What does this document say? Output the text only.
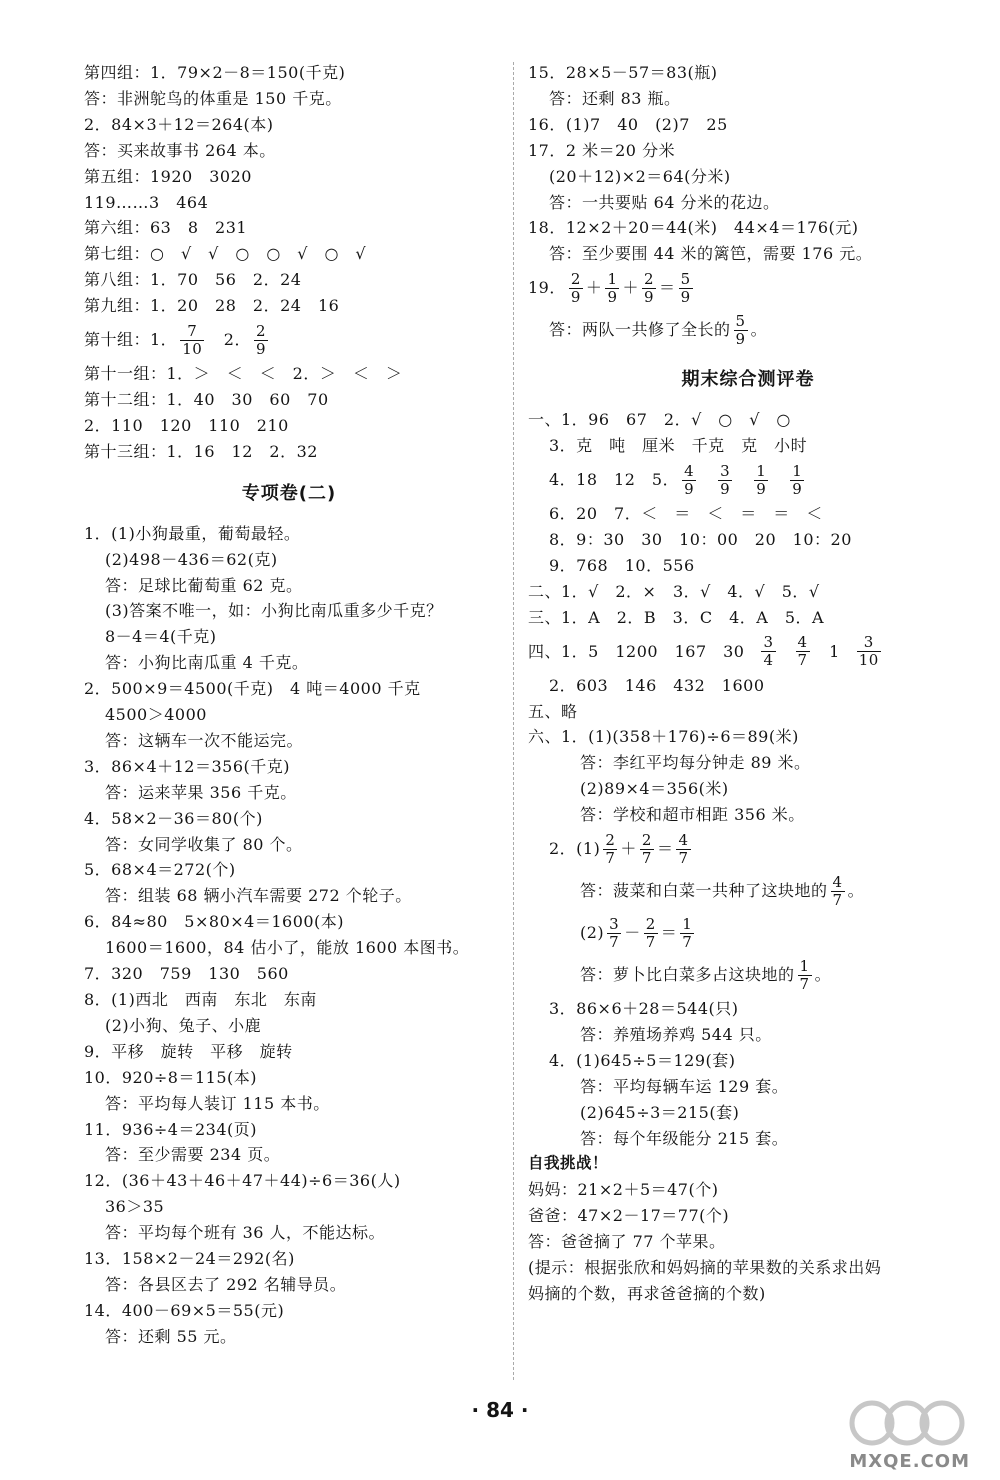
第四组：1．79×2－8＝150(千克)
答：非洲鸵鸟的体重是 150 千克。
2．84×3＋12＝264(本)
答：买来故事书 264 本。
第五组：1920　3020
119……3　464
第六组：63　8　231
第七组：○　√　√　○　○　√　○　√
第八组：1．70　56　2．24
第九组：1．20　28　2．24　16
第十组：1． $\frac{7}{10}$ 　2． $\frac{2}{9}$
第十一组：1．＞　＜　＜　2．＞　＜　＞
第十二组：1．40　30　60　70
2．110　120　110　210
第十三组：1．16　12　2．32
专项卷(二)
1．(1)小狗最重，葡萄最轻。
(2)498－436＝62(克)
答：足球比葡萄重 62 克。
(3)答案不唯一，如：小狗比南瓜重多少千克？
8－4＝4(千克)
答：小狗比南瓜重 4 千克。
2．500×9＝4500(千克)　4 吨＝4000 千克
4500＞4000
答：这辆车一次不能运完。
3．86×4＋12＝356(千克)
答：运来苹果 356 千克。
4．58×2－36＝80(个)
答：女同学收集了 80 个。
5．68×4＝272(个)
答：组装 68 辆小汽车需要 272 个轮子。
6．84≈80　5×80×4＝1600(本)
1600＝1600，84 估小了，能放 1600 本图书。
7．320　759　130　560
8．(1)西北　西南　东北　东南
(2)小狗、兔子、小鹿
9．平移　旋转　平移　旋转
10．920÷8＝115(本)
答：平均每人装订 115 本书。
11．936÷4＝234(页)
答：至少需要 234 页。
12．(36＋43＋46＋47＋44)÷6＝36(人)
36＞35
答：平均每个班有 36 人，不能达标。
13．158×2－24＝292(名)
答：各县区去了 292 名辅导员。
14．400－69×5＝55(元)
答：还剩 55 元。
15．28×5－57＝83(瓶)
答：还剩 83 瓶。
16．(1)7　40　(2)7　25
17．2 米＝20 分米
(20＋12)×2＝64(分米)
答：一共要贴 64 分米的花边。
18．12×2＋20＝44(米)　44×4＝176(元)
答：至少要围 44 米的篱笆，需要 176 元。
19． $\frac{2}{9} + \frac{1}{9} + \frac{2}{9} = \frac{5}{9}$
答：两队一共修了全长的 $\frac{5}{9}$ 。
期末综合测评卷
一、1．96　67　2．√　○　√　○
3．克　吨　厘米　千克　克　小时
4．18　12　5． $\frac{4}{9} \frac{3}{9} \frac{1}{9} \frac{1}{9}$
6．20　7．＜　＝　＜　＝　＝　＜
8．9：30　30　10：00　20　10：20
9．768　10．556
二、1．√　2．×　3．√　4．√　5．√
三、1．A　2．B　3．C　4．A　5．A
四、1．5　1200　167　$30 \frac{3}{4} \frac{4}{7}$ 　$1 \frac{3}{10}$
2．603　146　432　1600
五、略
六、1．(1)(358＋176)÷6＝89(米)
答：李红平均每分钟走 89 米。
(2)89×4＝356(米)
答：学校和超市相距 356 米。
2．$(1) \frac{2}{7} + \frac{2}{7} = \frac{4}{7}$
答：菠菜和白菜一共种了这块地的 $\frac{4}{7}$ 。
$(2) \frac{3}{7} - \frac{2}{7} = \frac{1}{7}$
答：萝卜比白菜多占这块地的 $\frac{1}{7}$ 。
3．86×6＋28＝544(只)
答：养殖场养鸡 544 只。
4．(1)645÷5＝129(套)
答：平均每辆车运 129 套。
(2)645÷3＝215(套)
答：每个年级能分 215 套。
自我挑战！
妈妈：21×2＋5＝47(个)
爸爸：47×2－17＝77(个)
答：爸爸摘了 77 个苹果。
(提示：根据张欣和妈妈摘的苹果数的关系求出妈
妈摘的个数，再求爸爸摘的个数)
· 84 ·
MXQE.COM
